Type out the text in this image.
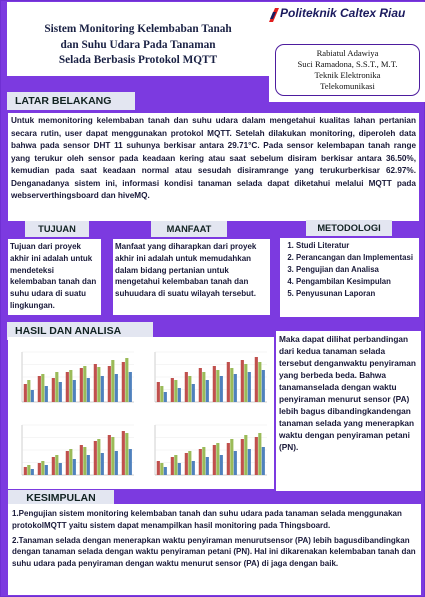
Sistem Monitoring Kelembaban Tanah
dan Suhu Udara Pada Tanaman
Selada Berbasis Protokol MQTT
Politeknik Caltex Riau
Rabiatul Adawiya
Suci Ramadona, S.S.T., M.T.
Teknik Elektronika
Telekomunikasi
LATAR BELAKANG
Untuk memonitoring kelembaban tanah dan suhu udara dalam mengetahui kualitas lahan pertanian secara rutin, user dapat menggunakan protokol MQTT. Setelah dilakukan monitoring, diperoleh data bahwa pada sensor DHT 11 suhunya berkisar antara 29.71°C. Pada sensor kelembapan tanah range yang terukur oleh sensor pada keadaan kering atau saat sebelum disiram berkisar antara 36.50%, kemudian pada saat keadaan normal atau sesudah disiramrange yang terukurberkisar 62.97%. Denganadanya sistem ini, informasi kondisi tanaman selada dapat diketahui melalui MQTT pada webserverthingsboard dan hiveMQ.
TUJUAN
Tujuan dari proyek akhir ini adalah untuk mendeteksi kelembaban tanah dan suhu udara di suatu lingkungan.
MANFAAT
Manfaat yang diharapkan dari proyek akhir ini adalah untuk memudahkan dalam bidang pertanian untuk mengetahui kelembaban tanah dan suhuudara di suatu wilayah tersebut.
METODOLOGI
1. Studi Literatur
2. Perancangan dan Implementasi
3. Pengujian dan Analisa
4. Pengambilan Kesimpulan
5. Penyusunan Laporan
HASIL DAN ANALISA
Maka dapat dilihat perbandingan dari kedua tanaman selada tersebut denganwaktu penyiraman yang berbeda beda. Bahwa tanamanselada dengan waktu penyiraman menurut sensor (PA) lebih bagus dibandingkandengan tanaman selada yang menerapkan waktu dengan penyiraman petani (PN).
KESIMPULAN

1.Pengujian sistem monitoring kelembaban tanah dan suhu udara pada tanaman selada menggunakan protokolMQTT yaitu sistem dapat menampilkan hasil monitoring pada Thingsboard.

2.Tanaman selada dengan menerapkan waktu penyiraman menurutsensor (PA) lebih bagusdibandingkan dengan tanaman selada dengan waktu penyiraman petani (PN). Hal ini dikarenakan kelembaban tanah dan suhu udara pada penyiraman dengan waktu menurut sensor (PA) di jaga dengan baik.
